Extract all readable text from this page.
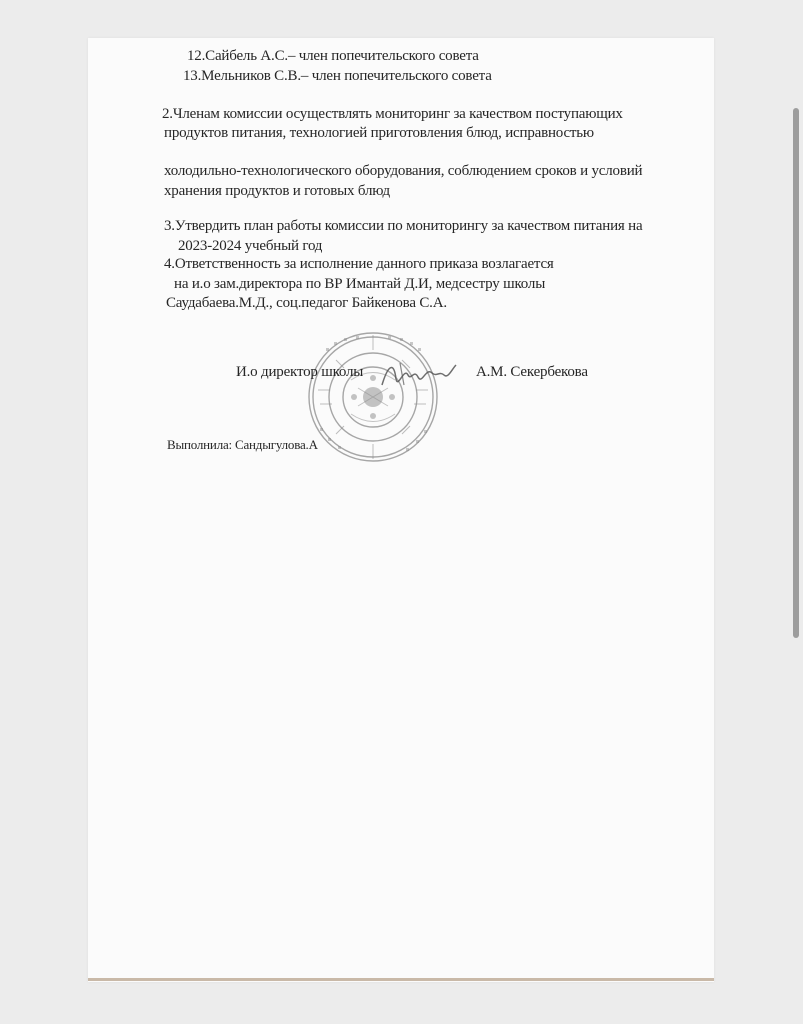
12.Сайбель А.С.– член попечительского совета
13.Мельников С.В.– член попечительского совета
2.Членам комиссии осуществлять мониторинг за качеством поступающих
продуктов питания, технологией приготовления блюд, исправностью
холодильно-технологического оборудования, соблюдением сроков и условий
хранения продуктов и готовых блюд
3.Утвердить план работы комиссии по мониторингу за качеством питания на
2023-2024 учебный год
4.Ответственность за исполнение данного приказа возлагается
на и.о зам.директора по ВР Имантай Д.И, медсестру школы
Саудабаева.М.Д., соц.педагог Байкенова С.А.
И.о директор школы	А.М. Секербекова
Выполнила: Сандыгулова.А
